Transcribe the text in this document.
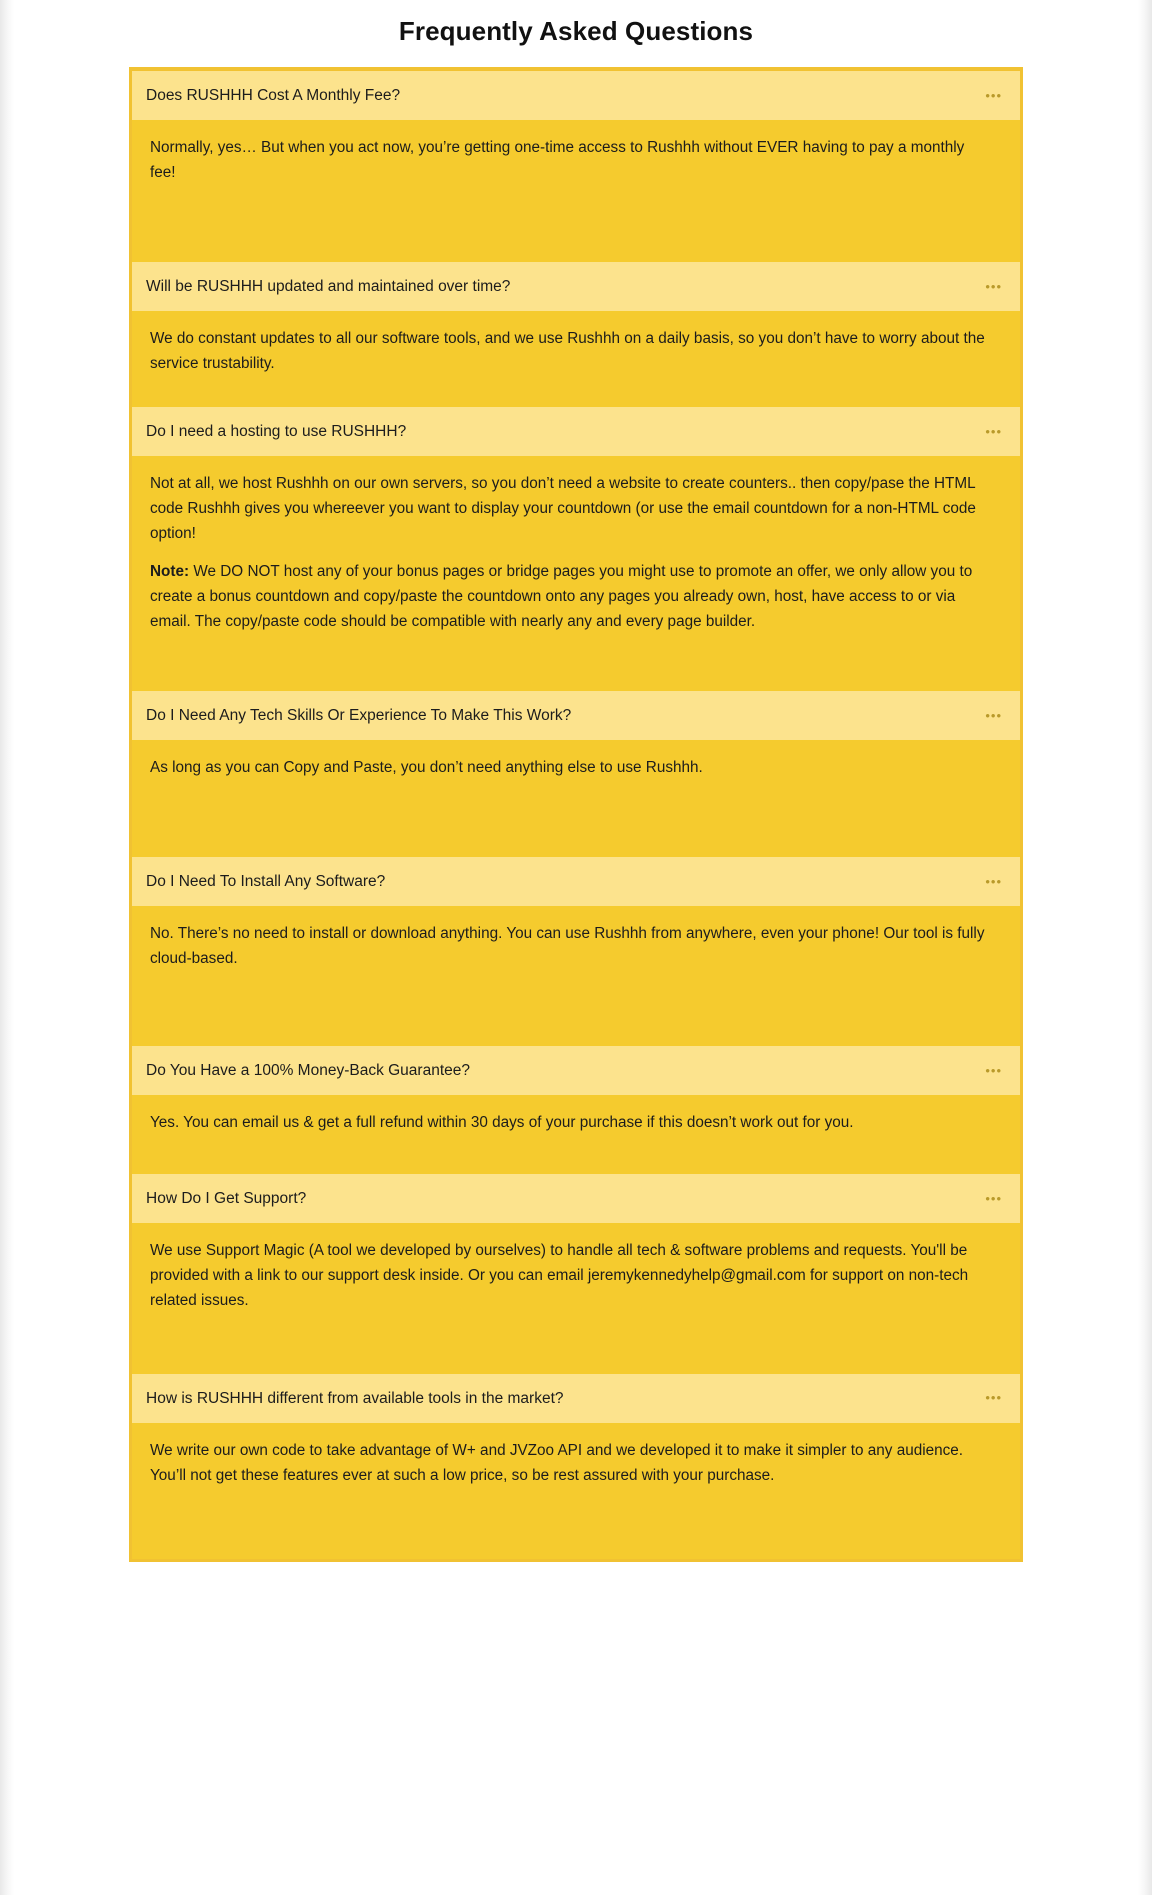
Frequently Asked Questions
Does RUSHHH Cost A Monthly Fee?	•••

Normally, yes… But when you act now, you’re getting one-time access to Rushhh without EVER having to pay a monthly fee!

Will be RUSHHH updated and maintained over time?	•••

We do constant updates to all our software tools, and we use Rushhh on a daily basis, so you don’t have to worry about the service trustability.

Do I need a hosting to use RUSHHH?	•••

Not at all, we host Rushhh on our own servers, so you don’t need a website to create counters.. then copy/pase the HTML code Rushhh gives you whereever you want to display your countdown (or use the email countdown for a non-HTML code option!

Note: We DO NOT host any of your bonus pages or bridge pages you might use to promote an offer, we only allow you to create a bonus countdown and copy/paste the countdown onto any pages you already own, host, have access to or via email. The copy/paste code should be compatible with nearly any and every page builder.

Do I Need Any Tech Skills Or Experience To Make This Work?	•••

As long as you can Copy and Paste, you don’t need anything else to use Rushhh.

Do I Need To Install Any Software?	•••

No. There’s no need to install or download anything. You can use Rushhh from anywhere, even your phone! Our tool is fully cloud-based.

Do You Have a 100% Money-Back Guarantee?	•••

Yes. You can email us & get a full refund within 30 days of your purchase if this doesn’t work out for you.

How Do I Get Support?	•••

We use Support Magic (A tool we developed by ourselves) to handle all tech & software problems and requests. You'll be provided with a link to our support desk inside. Or you can email jeremykennedyhelp@gmail.com for support on non-tech related issues.

How is RUSHHH different from available tools in the market?	•••

We write our own code to take advantage of W+ and JVZoo API and we developed it to make it simpler to any audience. You’ll not get these features ever at such a low price, so be rest assured with your purchase.
